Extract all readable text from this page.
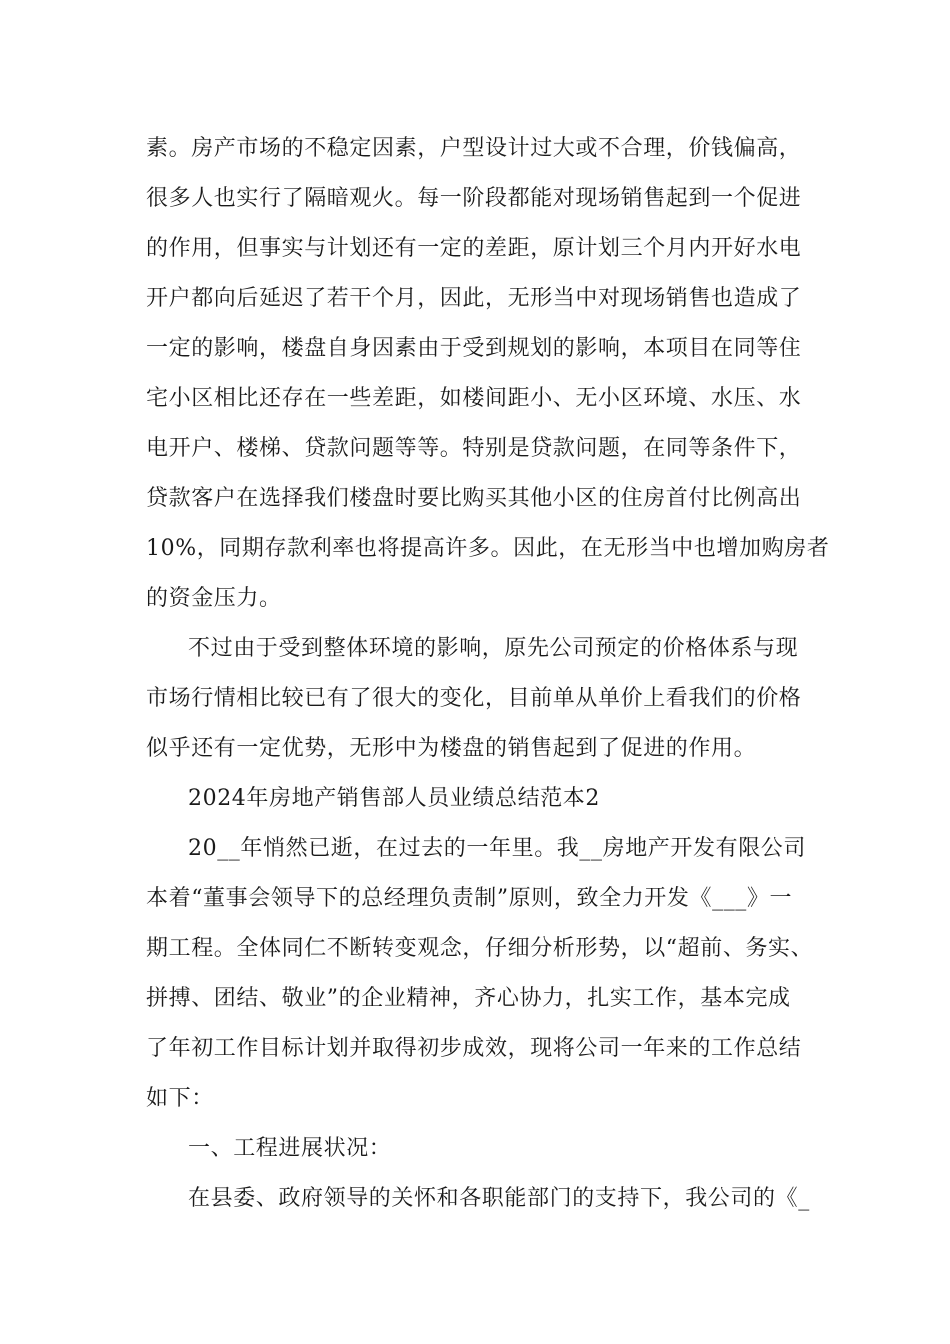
素。房产市场的不稳定因素，户型设计过大或不合理，价钱偏高，
很多人也实行了隔暗观火。每一阶段都能对现场销售起到一个促进
的作用，但事实与计划还有一定的差距，原计划三个月内开好水电
开户都向后延迟了若干个月，因此，无形当中对现场销售也造成了
一定的影响，楼盘自身因素由于受到规划的影响，本项目在同等住
宅小区相比还存在一些差距，如楼间距小、无小区环境、水压、水
电开户、楼梯、贷款问题等等。特别是贷款问题，在同等条件下，
贷款客户在选择我们楼盘时要比购买其他小区的住房首付比例高出
10%，同期存款利率也将提高许多。因此，在无形当中也增加购房者
的资金压力。
不过由于受到整体环境的影响，原先公司预定的价格体系与现
市场行情相比较已有了很大的变化，目前单从单价上看我们的价格
似乎还有一定优势，无形中为楼盘的销售起到了促进的作用。
2024年房地产销售部人员业绩总结范本2
20__年悄然已逝，在过去的一年里。我__房地产开发有限公司
本着“董事会领导下的总经理负责制”原则，致全力开发《___》一
期工程。全体同仁不断转变观念，仔细分析形势，以“超前、务实、
拼搏、团结、敬业”的企业精神，齐心协力，扎实工作，基本完成
了年初工作目标计划并取得初步成效，现将公司一年来的工作总结
如下：
一、工程进展状况：
在县委、政府领导的关怀和各职能部门的支持下，我公司的《_
